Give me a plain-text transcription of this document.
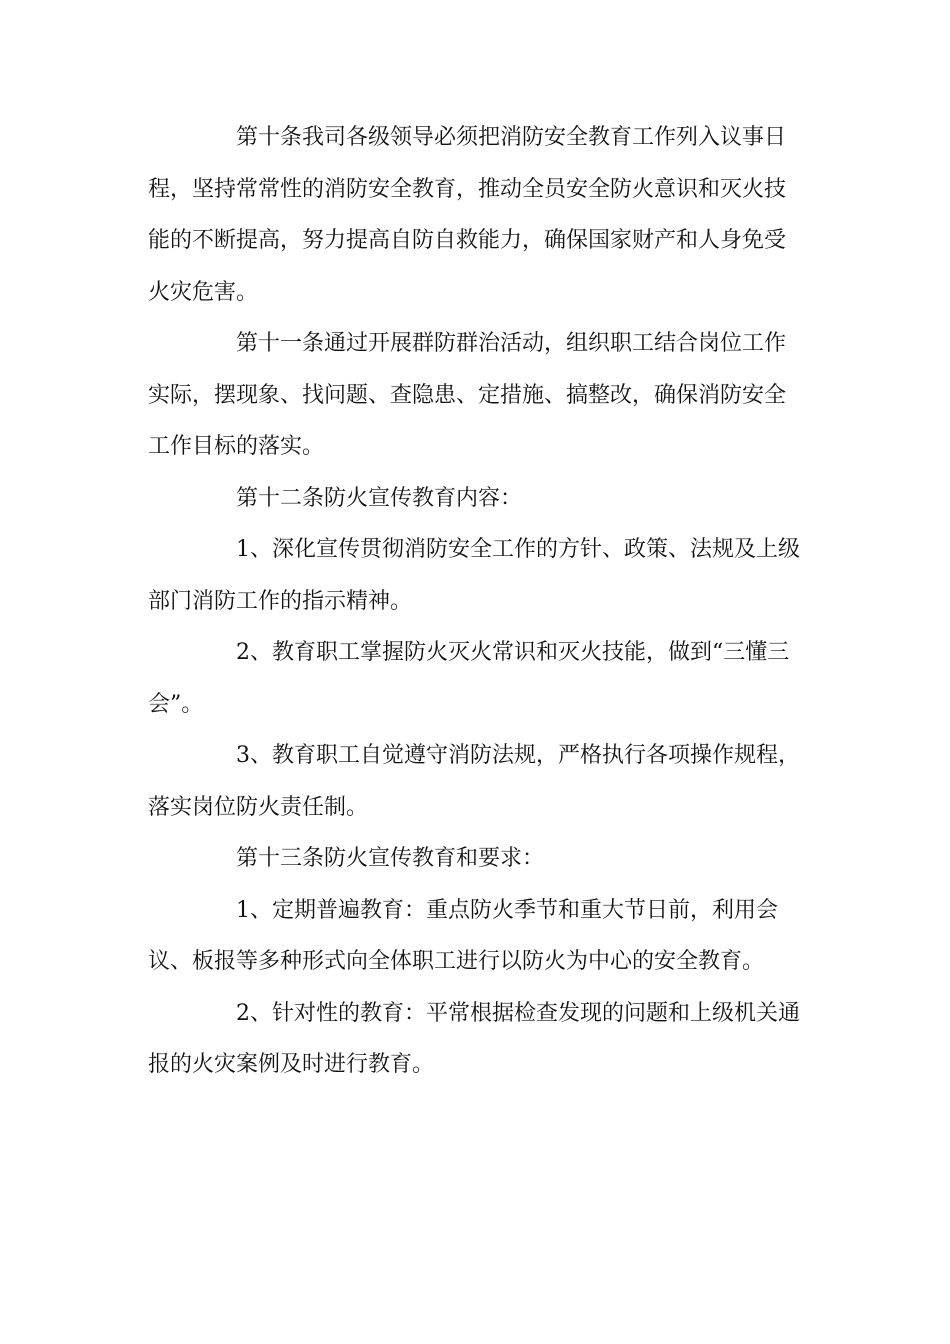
第十条我司各级领导必须把消防安全教育工作列入议事日
程，坚持常常性的消防安全教育，推动全员安全防火意识和灭火技
能的不断提高，努力提高自防自救能力，确保国家财产和人身免受
火灾危害。
第十一条通过开展群防群治活动，组织职工结合岗位工作
实际，摆现象、找问题、查隐患、定措施、搞整改，确保消防安全
工作目标的落实。
第十二条防火宣传教育内容：
1、深化宣传贯彻消防安全工作的方针、政策、法规及上级
部门消防工作的指示精神。
2、教育职工掌握防火灭火常识和灭火技能，做到“三懂三
会”。
3、教育职工自觉遵守消防法规，严格执行各项操作规程，
落实岗位防火责任制。
第十三条防火宣传教育和要求：
1、定期普遍教育：重点防火季节和重大节日前，利用会
议、板报等多种形式向全体职工进行以防火为中心的安全教育。
2、针对性的教育：平常根据检查发现的问题和上级机关通
报的火灾案例及时进行教育。
